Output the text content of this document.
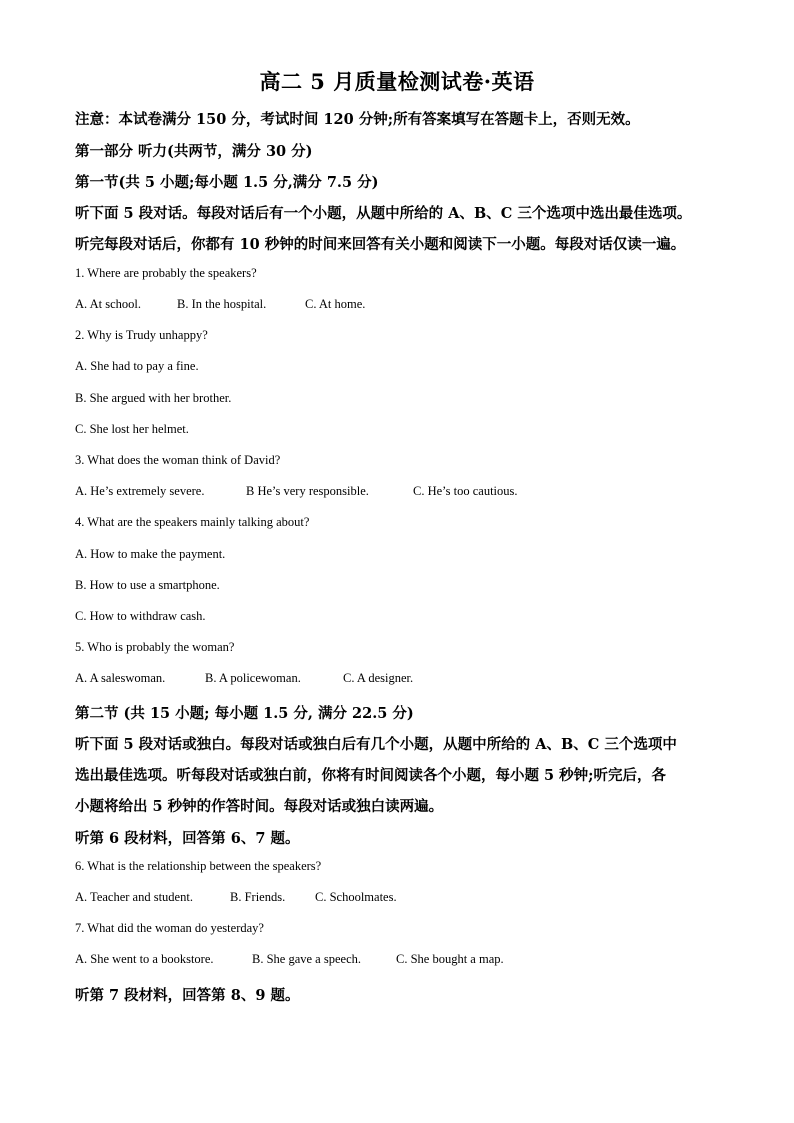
高二 5 月质量检测试卷·英语
注意：本试卷满分 150 分，考试时间 120 分钟;所有答案填写在答题卡上，否则无效。
第一部分 听力(共两节，满分 30 分)
第一节(共 5 小题;每小题 1.5 分,满分 7.5 分)
听下面 5 段对话。每段对话后有一个小题，从题中所给的 A、B、C 三个选项中选出最佳选项。
听完每段对话后，你都有 10 秒钟的时间来回答有关小题和阅读下一小题。每段对话仅读一遍。
1. Where are probably the speakers?
A. At school.	B. In the hospital.	C. At home.
2. Why is Trudy unhappy?
A. She had to pay a fine.
B. She argued with her brother.
C. She lost her helmet.
3. What does the woman think of David?
A. He’s extremely severe.	B He’s very responsible.	C. He’s too cautious.
4. What are the speakers mainly talking about?
A. How to make the payment.
B. How to use a smartphone.
C. How to withdraw cash.
5. Who is probably the woman?
A. A saleswoman.	B. A policewoman.	C. A designer.
第二节 (共 15 小题; 每小题 1.5 分, 满分 22.5 分)
听下面 5 段对话或独白。每段对话或独白后有几个小题，从题中所给的 A、B、C 三个选项中
选出最佳选项。听每段对话或独白前，你将有时间阅读各个小题，每小题 5 秒钟;听完后，各
小题将给出 5 秒钟的作答时间。每段对话或独白读两遍。
听第 6 段材料，回答第 6、7 题。
6. What is the relationship between the speakers?
A. Teacher and student.	B. Friends. C. Schoolmates.
7. What did the woman do yesterday?
A. She went to a bookstore.	B. She gave a speech.	C. She bought a map.
听第 7 段材料，回答第 8、9 题。
